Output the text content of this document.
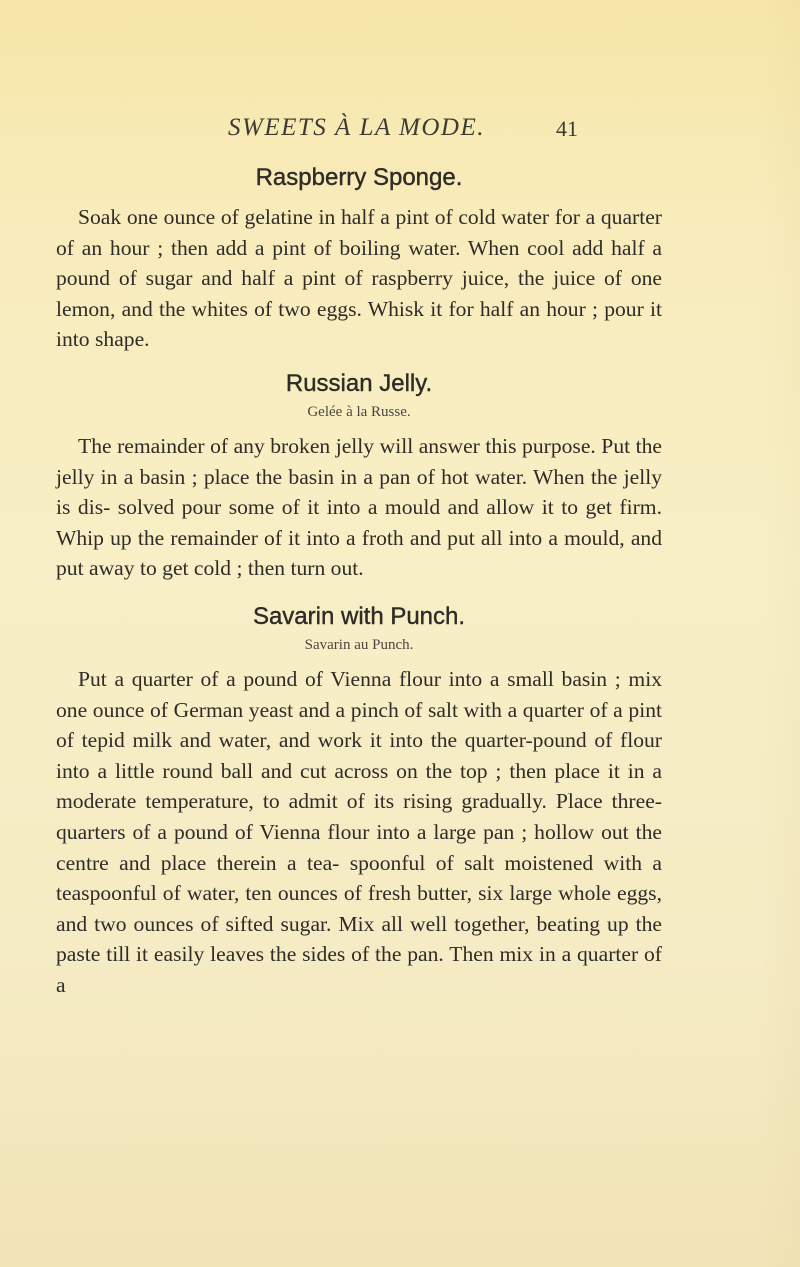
SWEETS À LA MODE.	41
Raspberry Sponge.

Soak one ounce of gelatine in half a pint of cold water for a quarter of an hour ; then add a pint of boiling water. When cool add half a pound of sugar and half a pint of raspberry juice, the juice of one lemon, and the whites of two eggs. Whisk it for half an hour ; pour it into shape.

Russian Jelly.

Gelée à la Russe.

The remainder of any broken jelly will answer this purpose. Put the jelly in a basin ; place the basin in a pan of hot water. When the jelly is dis- solved pour some of it into a mould and allow it to get firm. Whip up the remainder of it into a froth and put all into a mould, and put away to get cold ; then turn out.

Savarin with Punch.

Savarin au Punch.

Put a quarter of a pound of Vienna flour into a small basin ; mix one ounce of German yeast and a pinch of salt with a quarter of a pint of tepid milk and water, and work it into the quarter-pound of flour into a little round ball and cut across on the top ; then place it in a moderate temperature, to admit of its rising gradually. Place three- quarters of a pound of Vienna flour into a large pan ; hollow out the centre and place therein a tea- spoonful of salt moistened with a teaspoonful of water, ten ounces of fresh butter, six large whole eggs, and two ounces of sifted sugar. Mix all well together, beating up the paste till it easily leaves the sides of the pan. Then mix in a quarter of a
